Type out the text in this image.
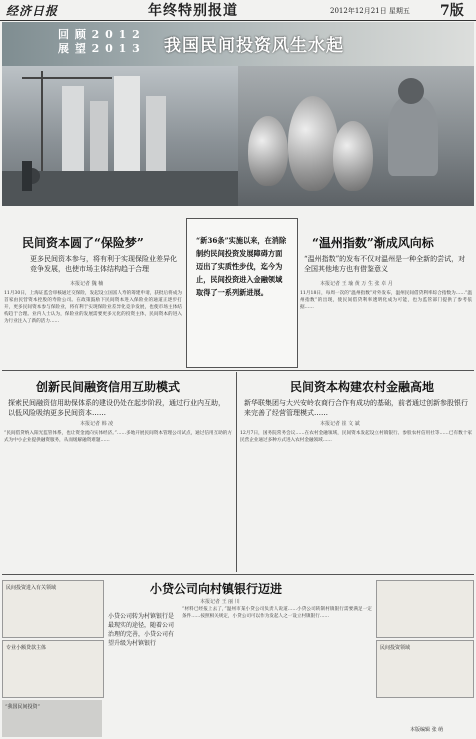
经济日报	年终特别报道	2012年12月21日 星期五 7版
回 顾 2 0 1 2
展 望 2 0 1 3 我国民间投资风生水起
民间资本圆了“保险梦”
更多民间资本参与，将有利于实现保险业差异化竞争发展，也使市场主体结构趋于合理
本报记者 魏 楠
11月30日，上海证监会审核通过交保险，发起设立国富人寿的筹建申请，获批后将成为首家由民营资本控股的寿险公司。在政策鼓励下民间资本进入保险业的通道正逐步打开，更多民间资本参与保险业，将有利于实现保险业差异化竞争发展，也使市场主体结构趋于合理。业内人士认为，保险业的发展需要更多元化的投资主体，民间资本的进入为行业注入了新的活力……
“新36条”实施以来，在消除制约民间投资发展障碍方面迈出了实质性步伐，迄今为止，民间投资进入金融领域取得了一系列新进展。
“温州指数”渐成风向标
“温州指数”的发布不仅对温州是一种全新的尝试，对全国其他地方也有借鉴意义
本报记者 王 瑜 黄 万 生 张 卓 月
11月18日，每周一次的“温州指数”对外发布，温州民间借贷利率综合指数为……“温州指数”的出现，使民间借贷利率透明化成为可能，也为监管部门提供了参考依据……
创新民间融资信用互助模式
探索民间融资信用助保体系的建设仍处在起步阶段，通过行业内互助，以低风险吸纳更多民间资本……
本报记者 韩 凌
“民间借贷纳入阳光监管体系，也让资金流向实体经济。”……多地开展民间资本管理公司试点，通过信用互助的方式为中小企业提供融资服务，从而缓解融资难题……
民间资本构建农村金融高地
新华联集团与大兴安岭农商行合作有成功的基础，前者通过创新参股银行来完善了经营管理模式……
本报记者 崔 文 斌
12月7日，国务院常务会议……在农村金融领域，民间资本发起设立村镇银行、参股农村信用社等……已有数十家民营企业通过多种方式进入农村金融领域……
民间投资进入有关领域
专业小额贷款主体
“我国民间投资”
小贷公司向村镇银行迈进
本报记者 王 丽 川
小贷公司转为村镇银行是最现实的途径，随着公司治理的完善，小贷公司有望升级为村镇银行
“材料已经报上去了，”温州市某小贷公司负责人说道……小贷公司转制村镇银行需要满足一定条件……按照相关规定，小贷公司可以作为发起人之一设立村镇银行……
民间投资领域
本版编辑 张 萌
